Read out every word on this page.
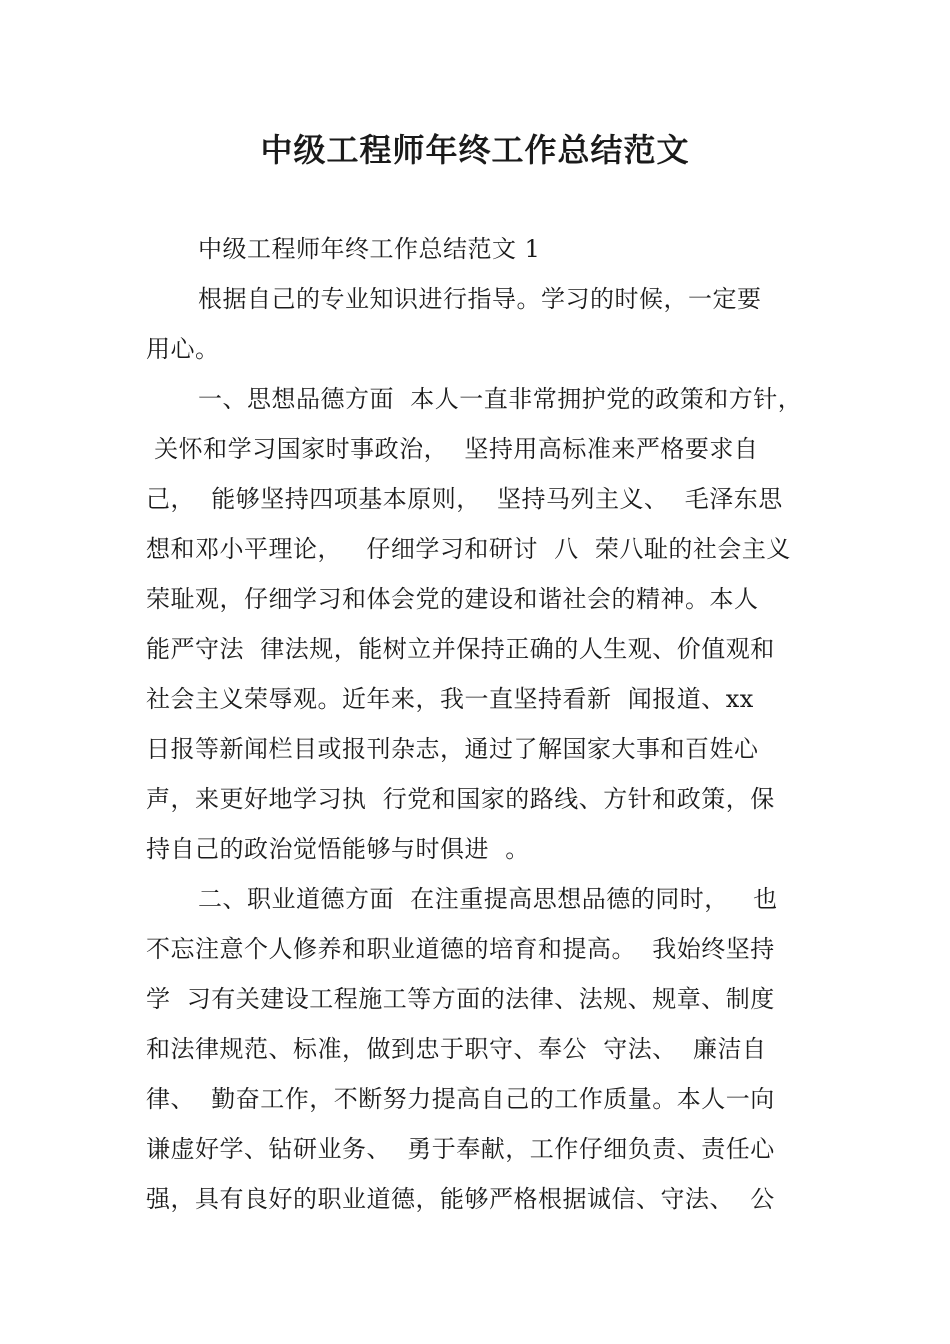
中级工程师年终工作总结范文
中级工程师年终工作总结范文 1
根据自己的专业知识进行指导。学习的时候，一定要
用心。
一、思想品德方面  本人一直非常拥护党的政策和方针，
关怀和学习国家时事政治，  坚持用高标准来严格要求自
己，  能够坚持四项基本原则，  坚持马列主义、  毛泽东思
想和邓小平理论，   仔细学习和研讨  八  荣八耻的社会主义
荣耻观，仔细学习和体会党的建设和谐社会的精神。本人
能严守法  律法规，能树立并保持正确的人生观、价值观和
社会主义荣辱观。近年来，我一直坚持看新  闻报道、xx
日报等新闻栏目或报刊杂志，通过了解国家大事和百姓心
声，来更好地学习执  行党和国家的路线、方针和政策，保
持自己的政治觉悟能够与时俱进  。
二、职业道德方面  在注重提高思想品德的同时，   也
不忘注意个人修养和职业道德的培育和提高。  我始终坚持
学  习有关建设工程施工等方面的法律、法规、规章、制度
和法律规范、标准，做到忠于职守、奉公  守法、  廉洁自
律、  勤奋工作，不断努力提高自己的工作质量。本人一向
谦虚好学、钻研业务、  勇于奉献，工作仔细负责、责任心
强，具有良好的职业道德，能够严格根据诚信、守法、  公
